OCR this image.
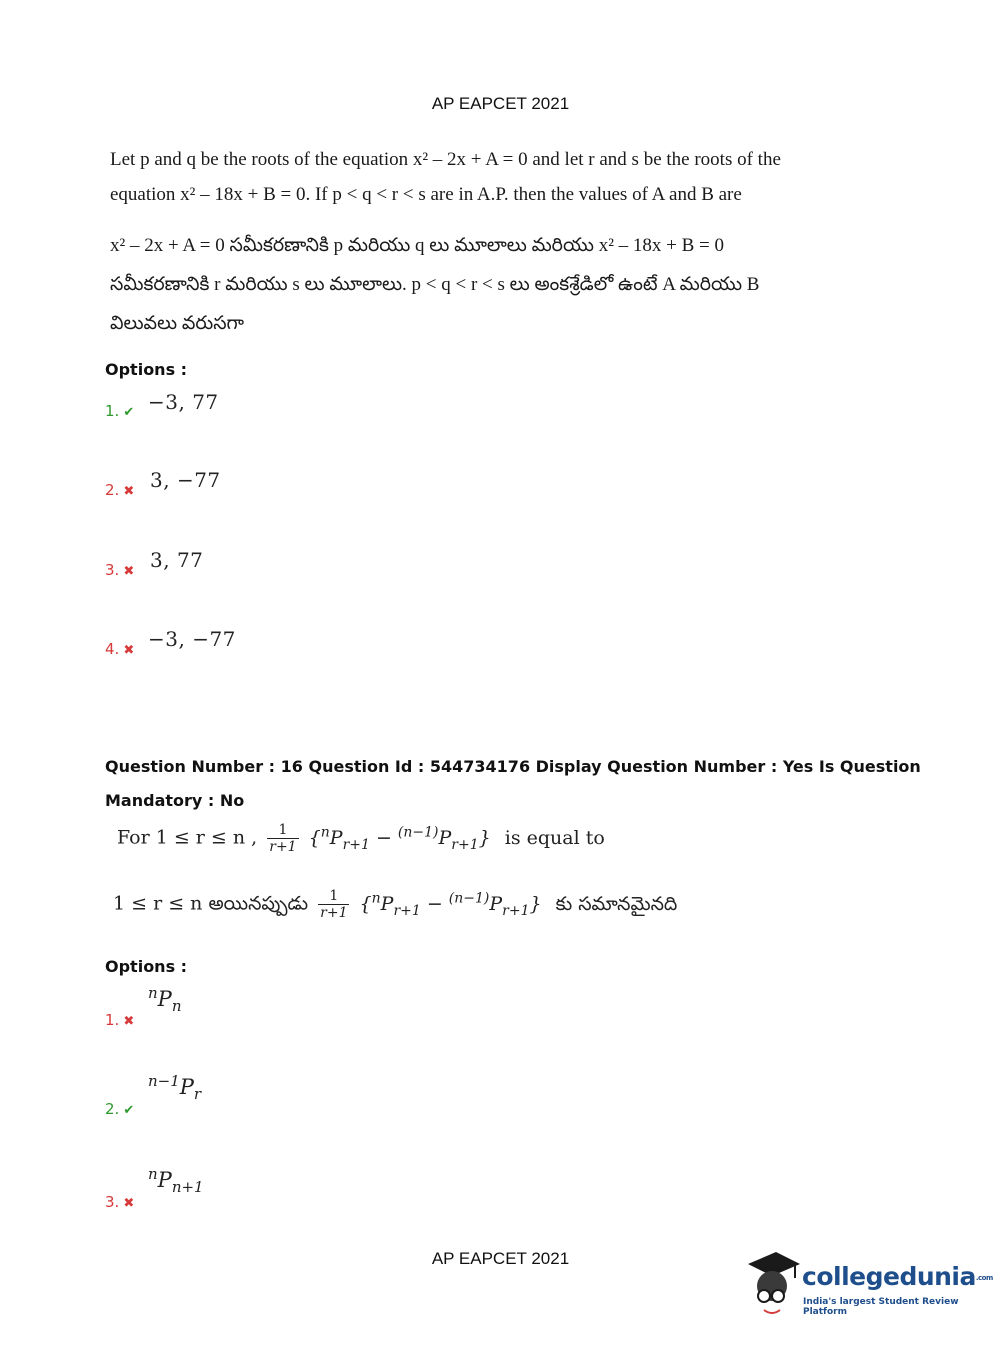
AP EAPCET 2021
Let p and q be the roots of the equation x² – 2x + A = 0 and let r and s be the roots of the
equation x² – 18x + B = 0. If p < q < r < s are in A.P. then the values of A and B are
x² – 2x + A = 0 సమీకరణానికి p మరియు q లు మూలాలు మరియు x² – 18x + B = 0
సమీకరణానికి r మరియు s లు మూలాలు. p < q < r < s లు అంకశ్రేడిలో ఉంటే A మరియు B
విలువలు వరుసగా
Options :
1. ✔ −3, 77
2. ✖ 3, −77
3. ✖ 3, 77
4. ✖ −3, −77
Question Number : 16 Question Id : 544734176 Display Question Number : Yes Is Question
Mandatory : No
For 1 ≤ r ≤ n , $\frac{1}{r+1} \{^nP_{r+1} - ^{(n-1)}P_{r+1}\}$ is equal to
1 ≤ r ≤ n అయినప్పుడు $\frac{1}{r+1} \{^nP_{r+1} - ^{(n-1)}P_{r+1}\}$ కు సమానమైనది
Options :
1. ✖
$^nP_n$
2. ✔
$^{n-1}P_r$
3. ✖
$^nP_{n+1}$
AP EAPCET 2021
collegedunia.com
India's largest Student Review Platform
